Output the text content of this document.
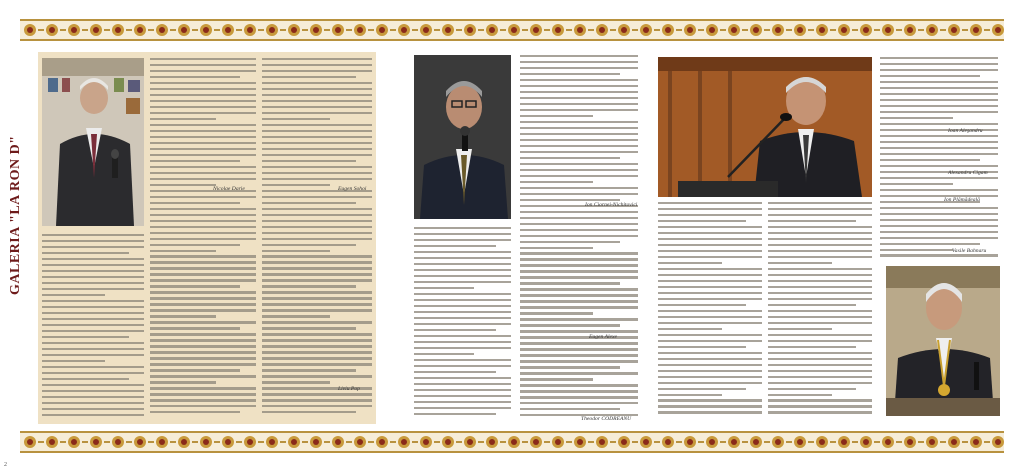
GALERIA "LA RON D"	Nicolae Darie	Eugen Sohoi
Liviu Pop
Ion Ciornei-Nichitovici
Eugen Alexe
Theodor CODREANU
Ioan Aleşandru
Alexandru Cigam
Ion Plămădeală
Vasile Bahnaru
2
